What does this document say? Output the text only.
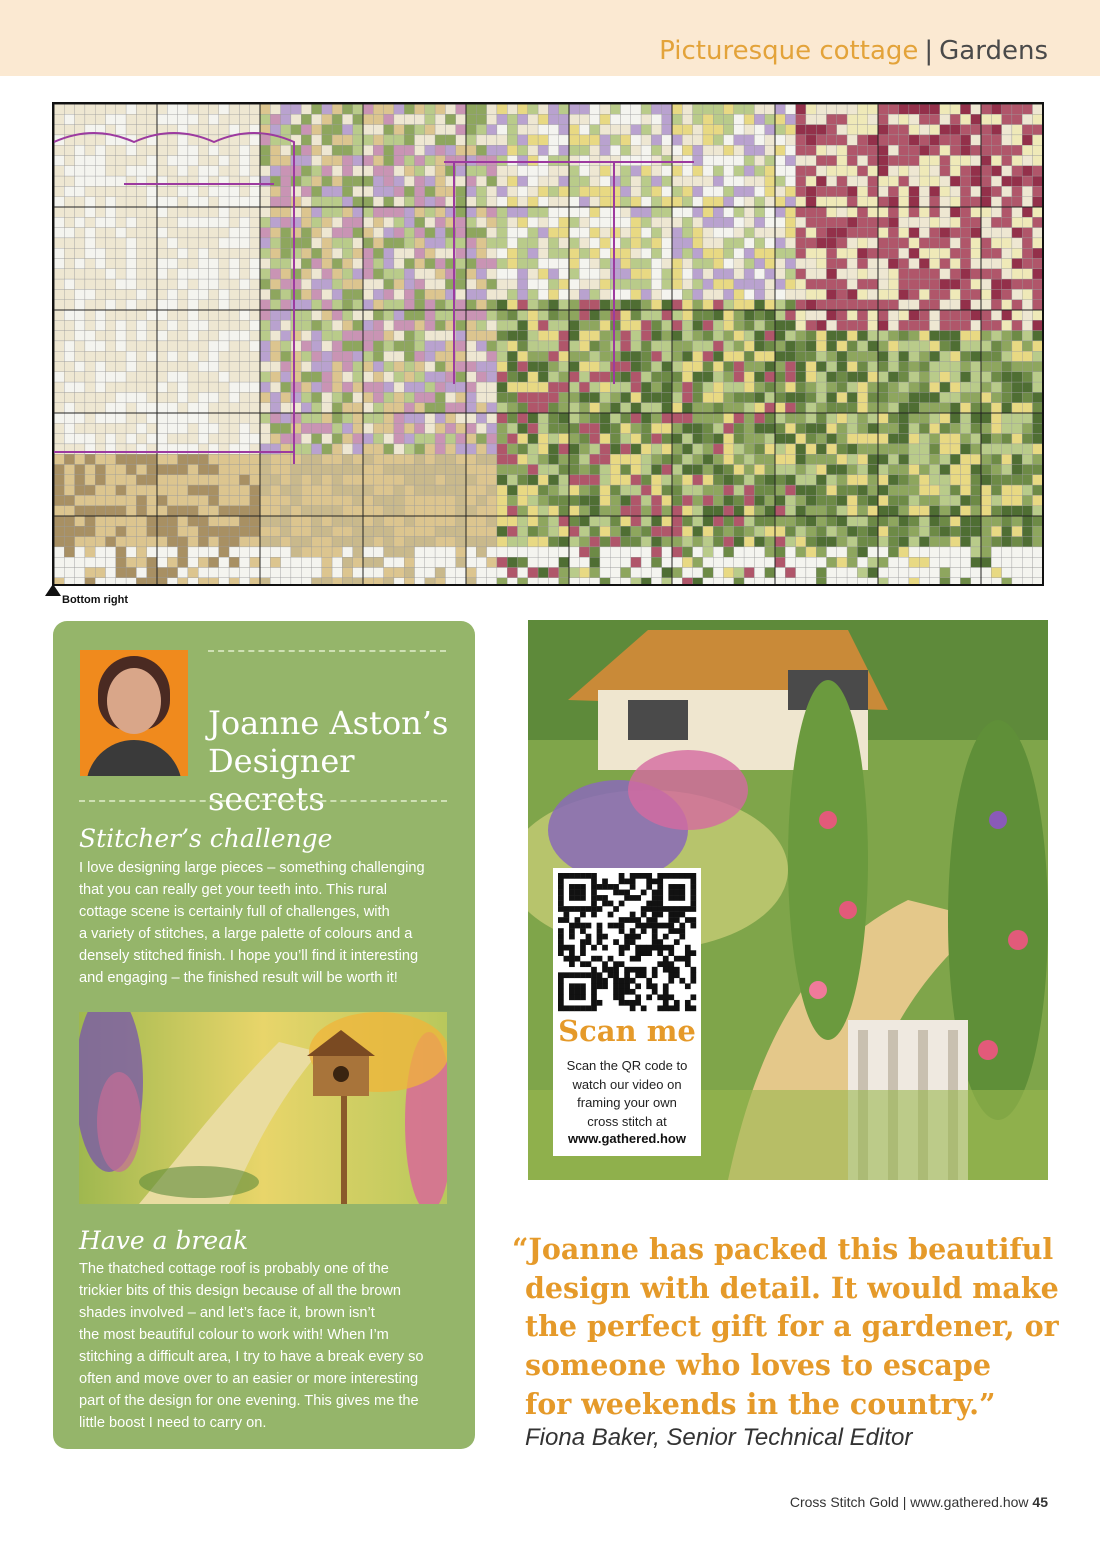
Picturesque cottage | Gardens
Bottom right
Joanne Aston’s
Designer secrets
Stitcher’s challenge
I love designing large pieces – something challenging
that you can really get your teeth into. This rural
cottage scene is certainly full of challenges, with
a variety of stitches, a large palette of colours and a
densely stitched finish. I hope you’ll find it interesting
and engaging – the finished result will be worth it!
Have a break
The thatched cottage roof is probably one of the
trickier bits of this design because of all the brown
shades involved – and let’s face it, brown isn’t
the most beautiful colour to work with! When I’m
stitching a difficult area, I try to have a break every so
often and move over to an easier or more interesting
part of the design for one evening. This gives me the
little boost I need to carry on.
Scan me
Scan the QR code to
watch our video on
framing your own
cross stitch at
www.gathered.how
“Joanne has packed this beautiful
design with detail. It would make
the perfect gift for a gardener, or
someone who loves to escape
for weekends in the country.”
Fiona Baker, Senior Technical Editor
Cross Stitch Gold | www.gathered.how 45
